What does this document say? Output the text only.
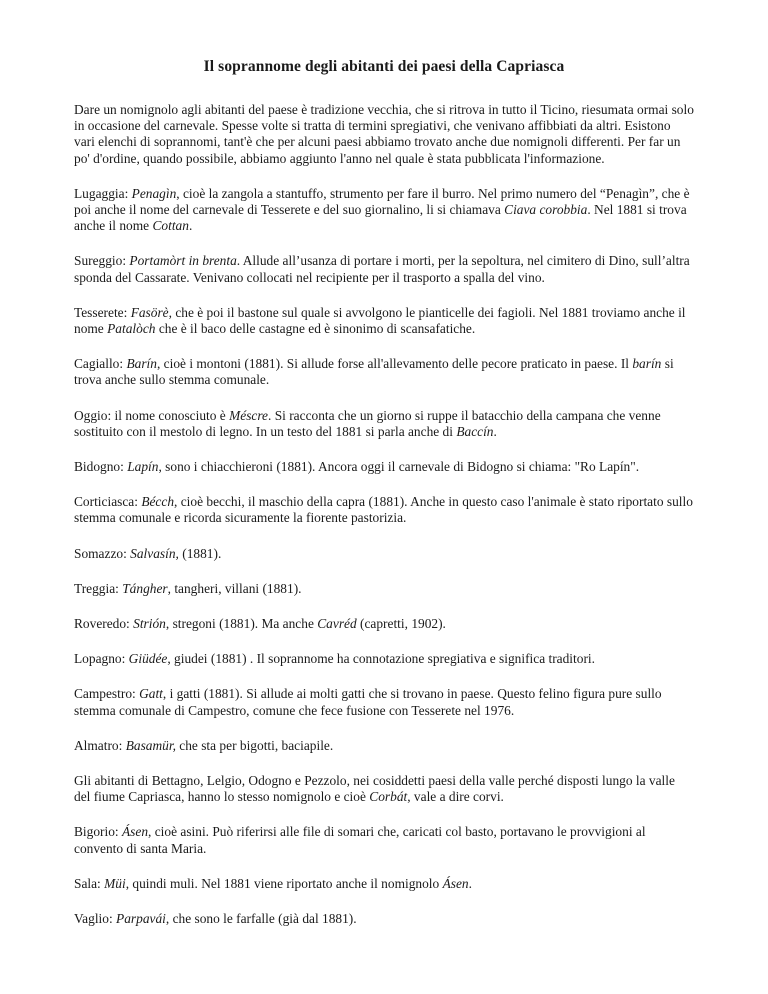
Il soprannome degli abitanti dei paesi della Capriasca

Dare un nomignolo agli abitanti del paese è tradizione vecchia, che si ritrova in tutto il Ticino, riesumata ormai solo in occasione del carnevale. Spesse volte si tratta di termini spregiativi, che venivano affibbiati da altri. Esistono vari elenchi di soprannomi, tant'è che per alcuni paesi abbiamo trovato anche due nomignoli differenti. Per far un po' d'ordine, quando possibile, abbiamo aggiunto l'anno nel quale è stata pubblicata l'informazione.

Lugaggia: Penagìn, cioè la zangola a stantuffo, strumento per fare il burro. Nel primo numero del “Penagìn”, che è poi anche il nome del carnevale di Tesserete e del suo giornalino, li si chiamava Ciava corobbia. Nel 1881 si trova anche il nome Cottan.

Sureggio: Portamòrt in brenta. Allude all’usanza di portare i morti, per la sepoltura, nel cimitero di Dino, sull’altra sponda del Cassarate. Venivano collocati nel recipiente per il trasporto a spalla del vino.

Tesserete: Fasörè, che è poi il bastone sul quale si avvolgono le pianticelle dei fagioli. Nel 1881 troviamo anche il nome Patalòch che è il baco delle castagne ed è sinonimo di scansafatiche.

Cagiallo: Barín, cioè i montoni (1881). Si allude forse all'allevamento delle pecore praticato in paese. Il barín si trova anche sullo stemma comunale.

Oggio: il nome conosciuto è Méscre. Si racconta che un giorno si ruppe il batacchio della campana che venne sostituito con il mestolo di legno. In un testo del 1881 si parla anche di Baccín.

Bidogno: Lapín, sono i chiacchieroni (1881). Ancora oggi il carnevale di Bidogno si chiama: "Ro Lapín".

Corticiasca: Bécch, cioè becchi, il maschio della capra (1881). Anche in questo caso l'animale è stato riportato sullo stemma comunale e ricorda sicuramente la fiorente pastorizia.

Somazzo: Salvasín, (1881).

Treggia: Tángher, tangheri, villani (1881).

Roveredo: Strión, stregoni (1881). Ma anche Cavréd (capretti, 1902).

Lopagno: Giüdée, giudei (1881) . Il soprannome ha connotazione spregiativa e significa traditori.

Campestro: Gatt, i gatti (1881). Si allude ai molti gatti che si trovano in paese. Questo felino figura pure sullo stemma comunale di Campestro, comune che fece fusione con Tesserete nel 1976.

Almatro: Basamür, che sta per bigotti, baciapile.

Gli abitanti di Bettagno, Lelgio, Odogno e Pezzolo, nei cosiddetti paesi della valle perché disposti lungo la valle del fiume Capriasca, hanno lo stesso nomignolo e cioè Corbát, vale a dire corvi.

Bigorio: Ásen, cioè asini. Può riferirsi alle file di somari che, caricati col basto, portavano le provvigioni al convento di santa Maria.

Sala: Müi, quindi muli. Nel 1881 viene riportato anche il nomignolo Ásen.

Vaglio: Parpavái, che sono le farfalle (già dal 1881).
